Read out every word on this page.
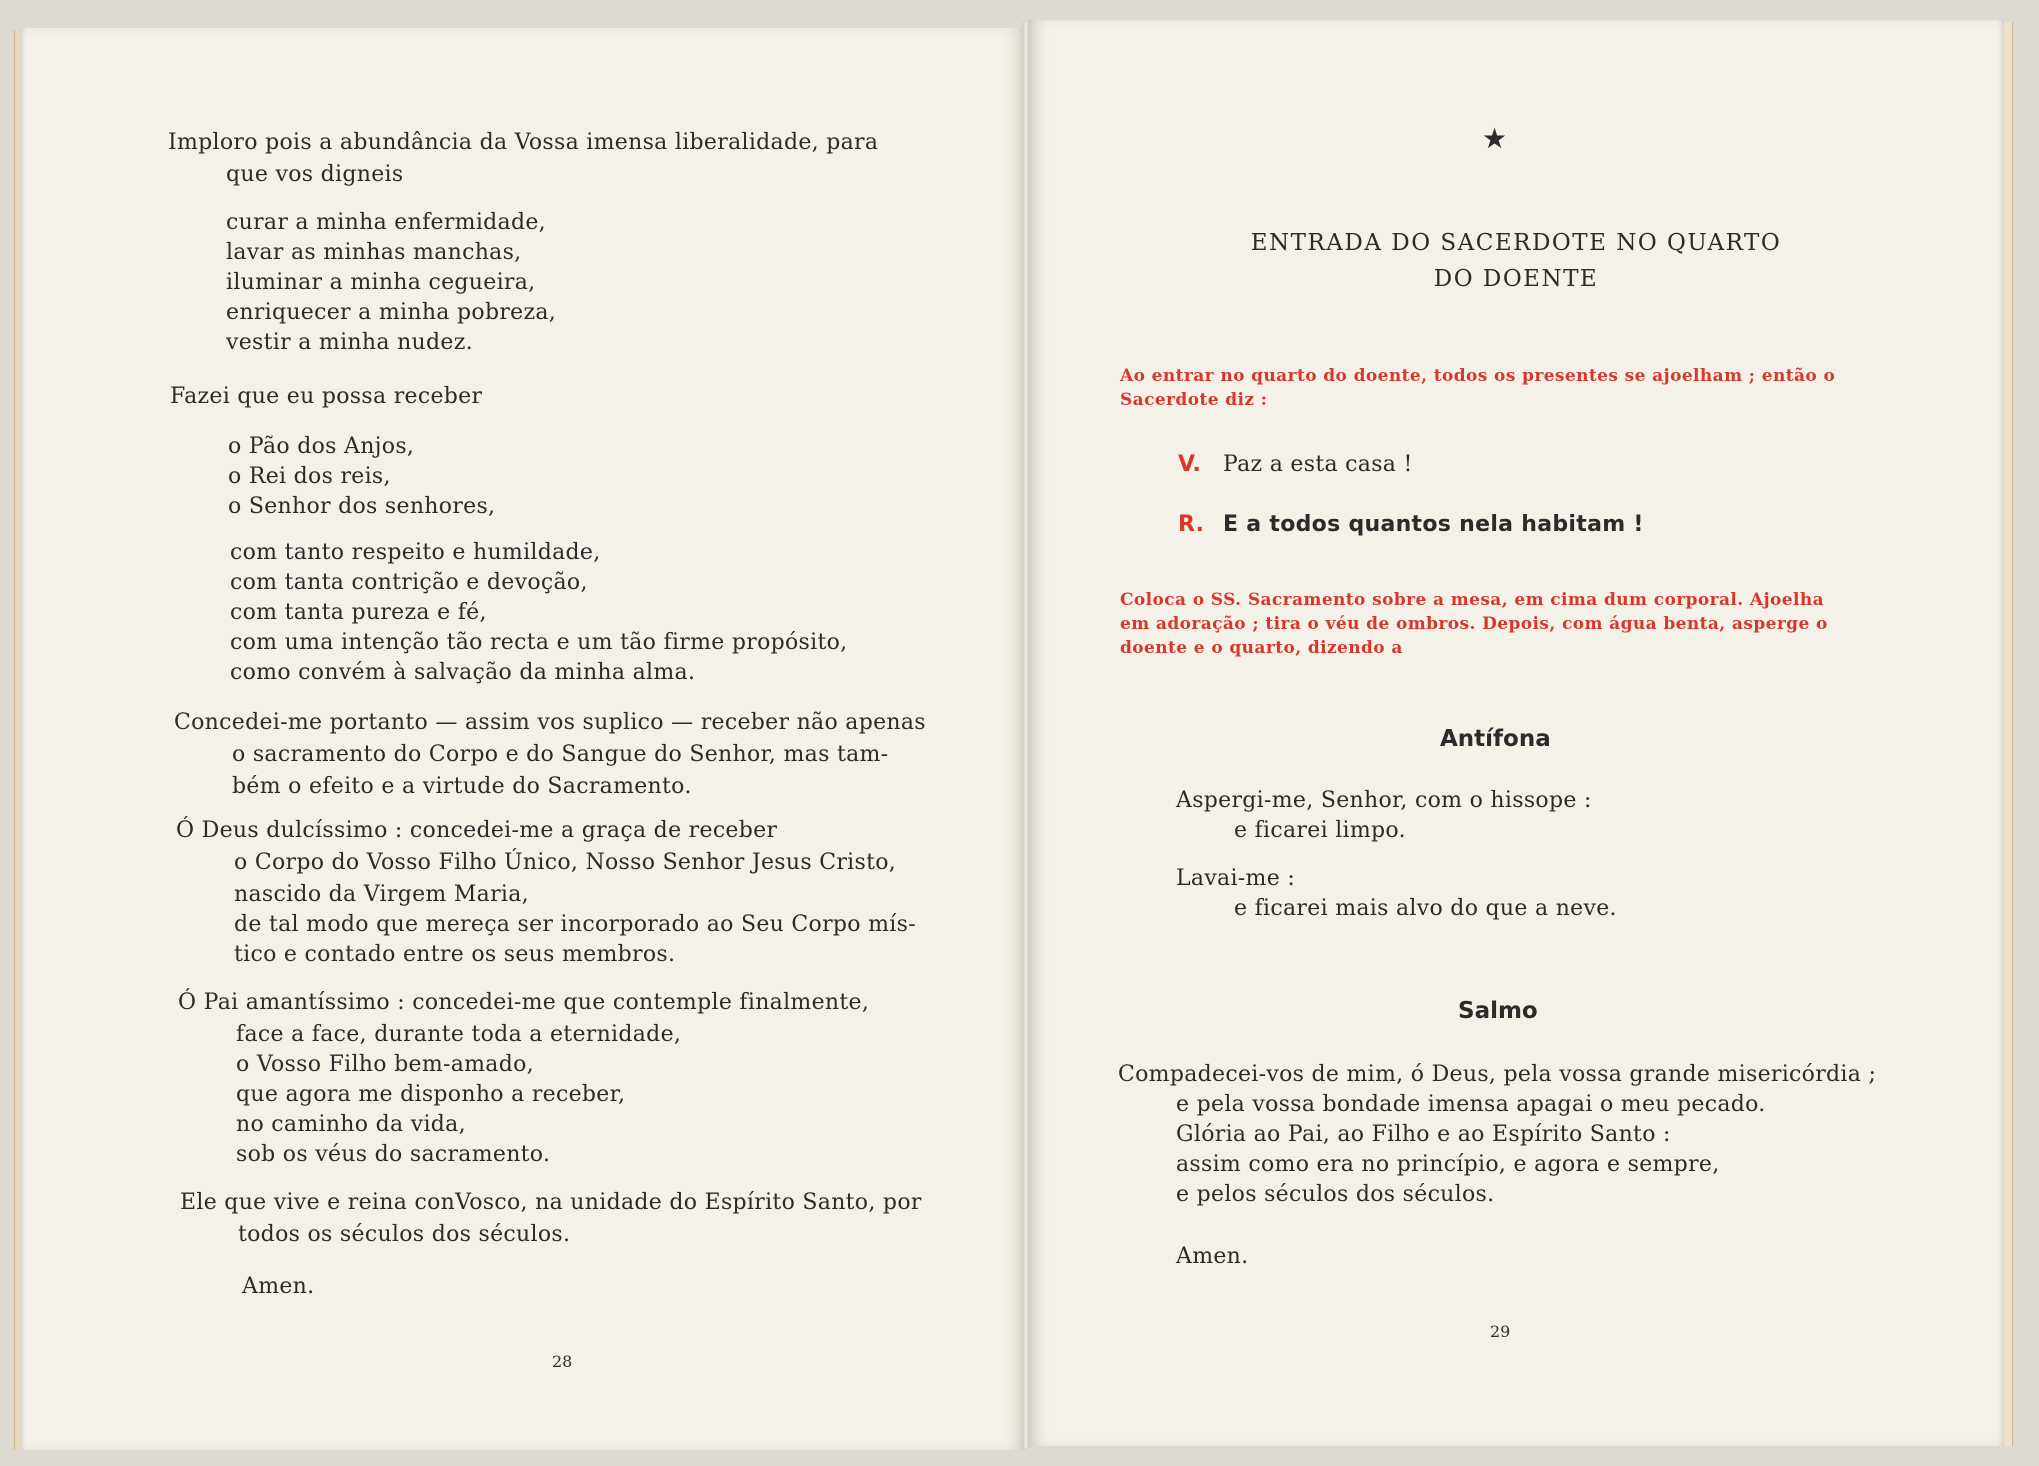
Imploro pois a abundância da Vossa imensa liberalidade, para
que vos digneis
curar a minha enfermidade,
lavar as minhas manchas,
iluminar a minha cegueira,
enriquecer a minha pobreza,
vestir a minha nudez.
Fazei que eu possa receber
o Pão dos Anjos,
o Rei dos reis,
o Senhor dos senhores,
com tanto respeito e humildade,
com tanta contrição e devoção,
com tanta pureza e fé,
com uma intenção tão recta e um tão firme propósito,
como convém à salvação da minha alma.
Concedei-me portanto — assim vos suplico — receber não apenas
o sacramento do Corpo e do Sangue do Senhor, mas tam-
bém o efeito e a virtude do Sacramento.
Ó Deus dulcíssimo : concedei-me a graça de receber
o Corpo do Vosso Filho Único, Nosso Senhor Jesus Cristo,
nascido da Virgem Maria,
de tal modo que mereça ser incorporado ao Seu Corpo mís-
tico e contado entre os seus membros.
Ó Pai amantíssimo : concedei-me que contemple finalmente,
face a face, durante toda a eternidade,
o Vosso Filho bem-amado,
que agora me disponho a receber,
no caminho da vida,
sob os véus do sacramento.
Ele que vive e reina conVosco, na unidade do Espírito Santo, por
todos os séculos dos séculos.
Amen.
28
★
ENTRADA DO SACERDOTE NO QUARTO
DO DOENTE
Ao entrar no quarto do doente, todos os presentes se ajoelham ; então o
Sacerdote diz :
V. Paz a esta casa !
R. E a todos quantos nela habitam !
Coloca o SS. Sacramento sobre a mesa, em cima dum corporal. Ajoelha
em adoração ; tira o véu de ombros. Depois, com água benta, asperge o
doente e o quarto, dizendo a
Antífona
Aspergi-me, Senhor, com o hissope :
e ficarei limpo.
Lavai-me :
e ficarei mais alvo do que a neve.
Salmo
Compadecei-vos de mim, ó Deus, pela vossa grande misericórdia ;
e pela vossa bondade imensa apagai o meu pecado.
Glória ao Pai, ao Filho e ao Espírito Santo :
assim como era no princípio, e agora e sempre,
e pelos séculos dos séculos.
Amen.
29
